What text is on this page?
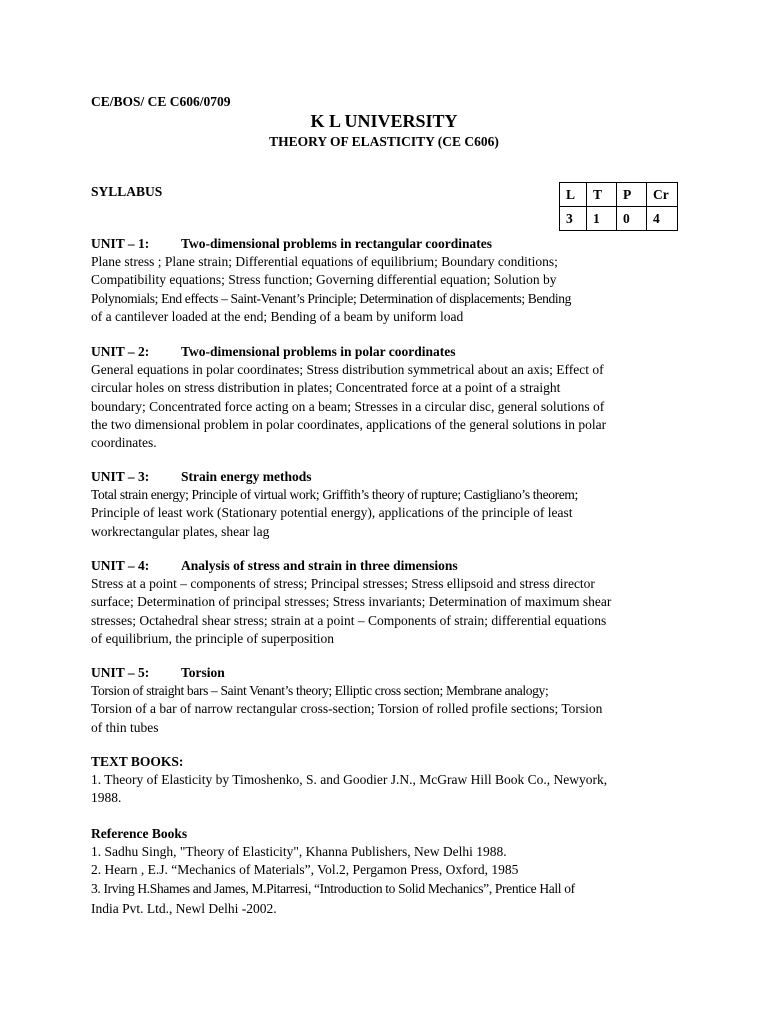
CE/BOS/ CE C606/0709
K L UNIVERSITY
THEORY OF ELASTICITY (CE C606)
SYLLABUS	L	T	P	Cr
3	1	0	4
UNIT – 1: Two-dimensional problems in rectangular coordinates
Plane stress ; Plane strain; Differential equations of equilibrium; Boundary conditions;
Compatibility equations; Stress function; Governing differential equation; Solution by
Polynomials; End effects – Saint-Venant’s Principle; Determination of displacements; Bending
of a cantilever loaded at the end; Bending of a beam by uniform load
UNIT – 2: Two-dimensional problems in polar coordinates
General equations in polar coordinates; Stress distribution symmetrical about an axis; Effect of
circular holes on stress distribution in plates; Concentrated force at a point of a straight
boundary; Concentrated force acting on a beam; Stresses in a circular disc, general solutions of
the two dimensional problem in polar coordinates, applications of the general solutions in polar
coordinates.
UNIT – 3: Strain energy methods
Total strain energy; Principle of virtual work; Griffith’s theory of rupture; Castigliano’s theorem;
Principle of least work (Stationary potential energy), applications of the principle of least
workrectangular plates, shear lag
UNIT – 4: Analysis of stress and strain in three dimensions
Stress at a point – components of stress; Principal stresses; Stress ellipsoid and stress director
surface; Determination of principal stresses; Stress invariants; Determination of maximum shear
stresses; Octahedral shear stress; strain at a point – Components of strain; differential equations
of equilibrium, the principle of superposition
UNIT – 5: Torsion
Torsion of straight bars – Saint Venant’s theory; Elliptic cross section; Membrane analogy;
Torsion of a bar of narrow rectangular cross-section; Torsion of rolled profile sections; Torsion
of thin tubes
TEXT BOOKS:
1. Theory of Elasticity by Timoshenko, S. and Goodier J.N., McGraw Hill Book Co., Newyork,
1988.
Reference Books
1. Sadhu Singh, "Theory of Elasticity", Khanna Publishers, New Delhi 1988.
2. Hearn , E.J. “Mechanics of Materials”, Vol.2, Pergamon Press, Oxford, 1985
3. Irving H.Shames and James, M.Pitarresi, “Introduction to Solid Mechanics”, Prentice Hall of
India Pvt. Ltd., Newl Delhi -2002.
